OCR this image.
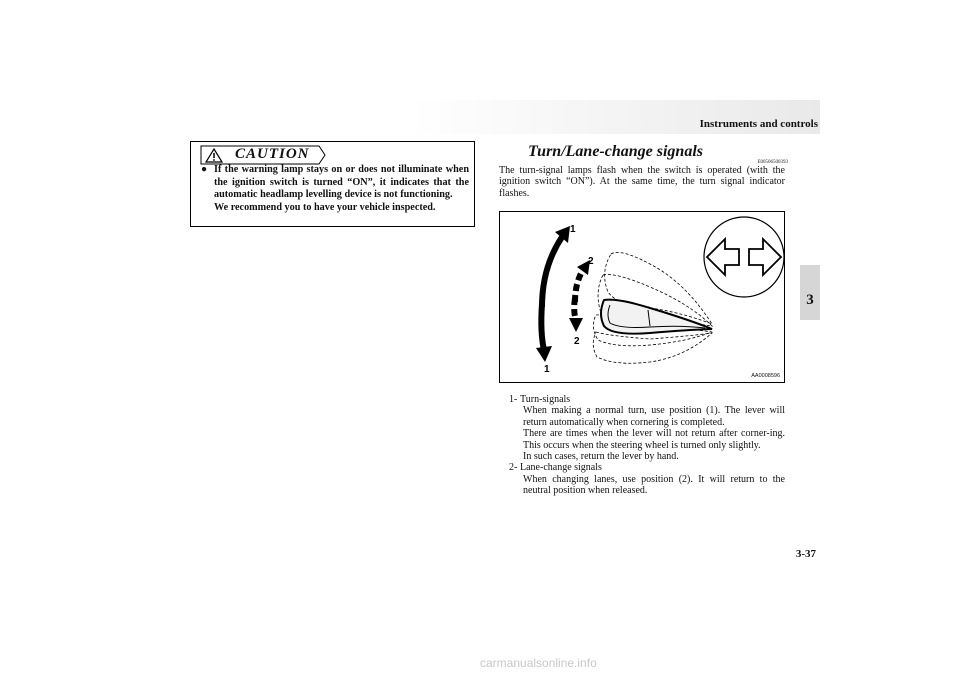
Instruments and controls
3
CAUTION
● If the warning lamp stays on or does not illuminate when the ignition switch is turned “ON”, it indicates that the automatic headlamp levelling device is not functioning.

We recommend you to have your vehicle inspected.

Turn/Lane-change signals
E00506500393

The turn-signal lamps flash when the switch is operated (with the ignition switch “ON”). At the same time, the turn signal indicator flashes.

1
2
2
1
AA0008596
1- Turn-signals
When making a normal turn, use position (1). The lever will return automatically when cornering is completed.
There are times when the lever will not return after corner-ing. This occurs when the steering wheel is turned only slightly.
In such cases, return the lever by hand.
2- Lane-change signals
When changing lanes, use position (2). It will return to the neutral position when released.
3-37
carmanualsonline.info
